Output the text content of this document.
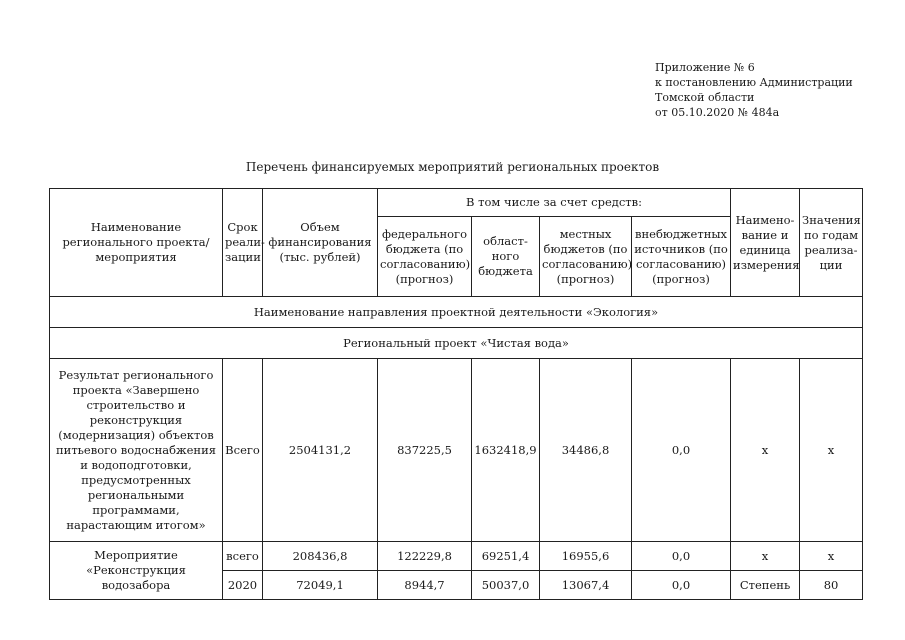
Приложение № 6
к постановлению Администрации
Томской области
от 05.10.2020 № 484а
Перечень финансируемых мероприятий региональных проектов
Наименование регионального проекта/ мероприятия	Срок реали-зации	Объем финансирования (тыс. рублей)	В том числе за счет средств:				Наимено-вание и единица измерения	Значения по годам реализа-ции
			федерального бюджета (по согласованию) (прогноз)	област-ного бюджета	местных бюджетов (по согласованию) (прогноз)	внебюджетных источников (по согласованию) (прогноз)		
Наименование направления проектной деятельности «Экология»								
Региональный проект «Чистая вода»								
Результат регионального проекта «Завершено строительство и реконструкция (модернизация) объектов питьевого водоснабжения и водоподготовки, предусмотренных региональными программами, нарастающим итогом»	Всего	2504131,2	837225,5	1632418,9	34486,8	0,0	х	х
Мероприятие «Реконструкция водозабора	всего	208436,8	122229,8	69251,4	16955,6	0,0	х	х
	2020	72049,1	8944,7	50037,0	13067,4	0,0	Степень	80
